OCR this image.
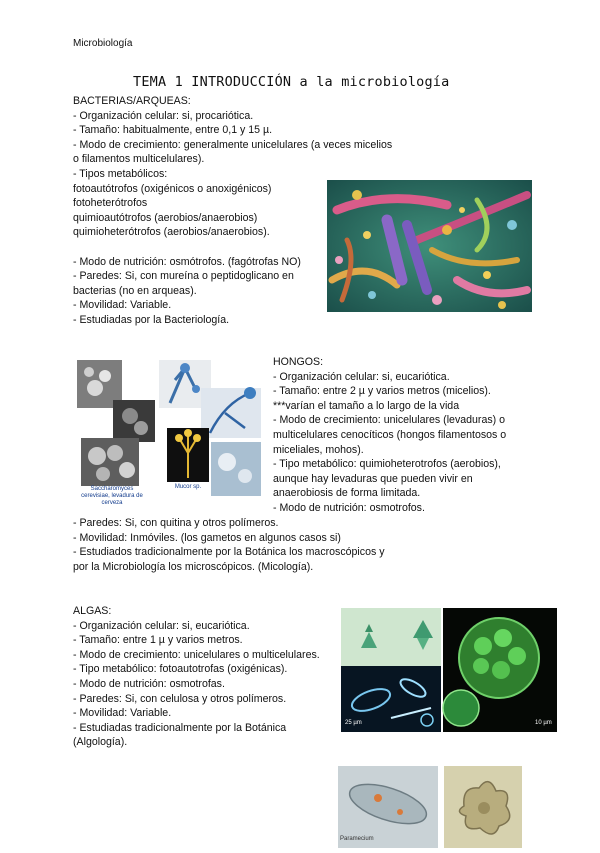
Microbiología
TEMA 1 INTRODUCCIÓN a la microbiología
BACTERIAS/ARQUEAS:
- Organización celular: si, procariótica.
- Tamaño: habitualmente, entre 0,1 y 15 µ.
- Modo de crecimiento: generalmente unicelulares (a veces micelios
o filamentos multicelulares).
- Tipos metabólicos:
fotoautótrofos (oxigénicos o anoxigénicos)
fotoheterótrofos
quimioautótrofos (aerobios/anaerobios)
quimioheterótrofos (aerobios/anaerobios).

- Modo de nutrición: osmótrofos. (fagótrofas NO)
- Paredes: Si, con mureína o peptidoglicano en
bacterias (no en arqueas).
- Movilidad: Variable.
- Estudiadas por la Bacteriología.
Saccharomyces cerevisiae, levadura de cerveza
Mucor sp.
HONGOS:
- Organización celular: si, eucariótica.
- Tamaño: entre 2 µ y varios metros (micelios).
***varían el tamaño a lo largo de la vida
- Modo de crecimiento: unicelulares (levaduras) o
multicelulares cenocíticos (hongos filamentosos o
miceliales, mohos).
- Tipo metabólico: quimioheterotrofos (aerobios),
aunque hay levaduras que pueden vivir en
anaerobiosis de forma limitada.
- Modo de nutrición: osmotrofos.
- Paredes: Si, con quitina y otros polímeros.
- Movilidad: Inmóviles. (los gametos en algunos casos si)
- Estudiados tradicionalmente por la Botánica los macroscópicos y
por la Microbiología los microscópicos. (Micología).
ALGAS:
- Organización celular: si, eucariótica.
- Tamaño: entre 1 µ y varios metros.
- Modo de crecimiento: unicelulares o multicelulares.
- Tipo metabólico: fotoautotrofas (oxigénicas).
- Modo de nutrición: osmotrofas.
- Paredes: Si, con celulosa y otros polímeros.
- Movilidad: Variable.
- Estudiadas tradicionalmente por la Botánica
(Algología).
25 µm	10 µm
Paramecium
